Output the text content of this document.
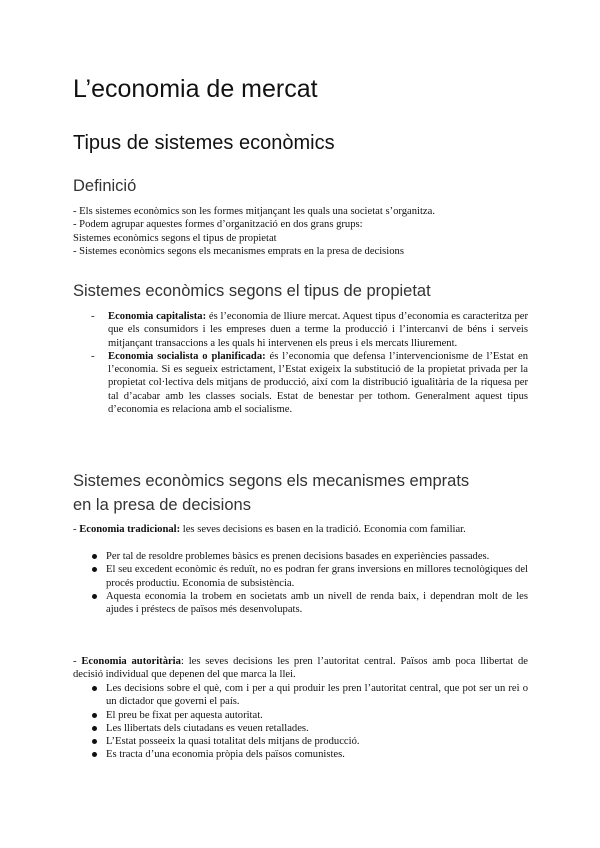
L’economia de mercat
Tipus de sistemes econòmics
Definició
- Els sistemes econòmics son les formes mitjançant les quals una societat s’organitza.
- Podem agrupar aquestes formes d’organització en dos grans grups:
Sistemes econòmics segons el tipus de propietat
- Sistemes econòmics segons els mecanismes emprats en la presa de decisions
Sistemes econòmics segons el tipus de propietat
- Economia capitalista: és l’economia de lliure mercat. Aquest tipus d’economia es caracteritza per que els consumidors i les empreses duen a terme la producció i l’intercanvi de béns i serveis mitjançant transaccions a les quals hi intervenen els preus i els mercats lliurement.
- Economia socialista o planificada: és l’economia que defensa l’intervencionisme de l’Estat en l’economia. Si es segueix estrictament, l’Estat exigeix la substitució de la propietat privada per la propietat col·lectiva dels mitjans de producció, així com la distribució igualitària de la riquesa per tal d’acabar amb les classes socials. Estat de benestar per tothom. Generalment aquest tipus d’economia es relaciona amb el socialisme.
Sistemes econòmics segons els mecanismes emprats
en la presa de decisions
- Economia tradicional: les seves decisions es basen en la tradició. Economia com familiar.
Per tal de resoldre problemes bàsics es prenen decisions basades en experiències passades.
El seu excedent econòmic és reduït, no es podran fer grans inversions en millores tecnològiques del procés productiu. Economia de subsistència.
Aquesta economia la trobem en societats amb un nivell de renda baix, i dependran molt de les ajudes i préstecs de països més desenvolupats.
- Economia autoritària: les seves decisions les pren l’autoritat central. Països amb poca llibertat de decisió individual que depenen del que marca la llei.
Les decisions sobre el què, com i per a qui produir les pren l’autoritat central, que pot ser un rei o un dictador que governi el país.
El preu be fixat per aquesta autoritat.
Les llibertats dels ciutadans es veuen retallades.
L’Estat posseeix la quasi totalitat dels mitjans de producció.
Es tracta d’una economia pròpia dels països comunistes.
